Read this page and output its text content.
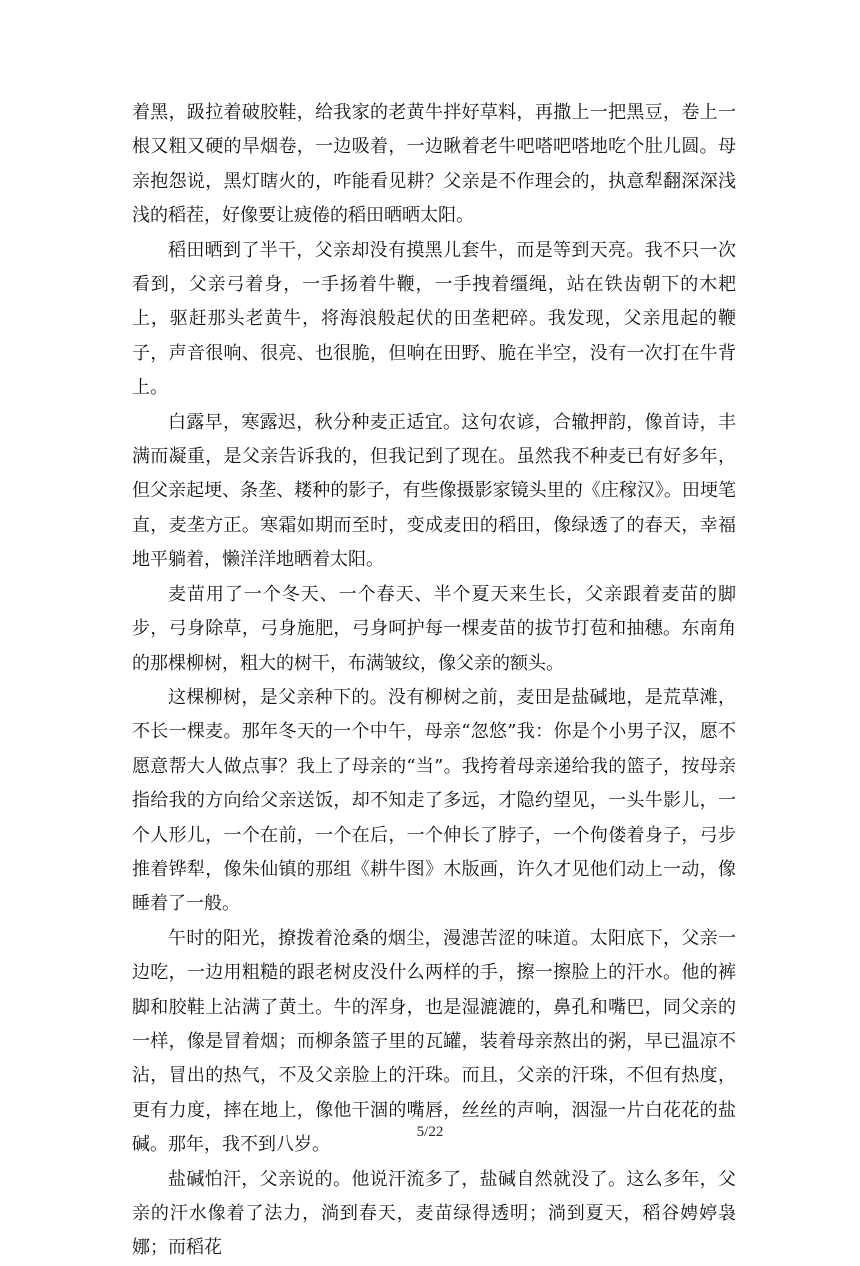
着黑，趿拉着破胶鞋，给我家的老黄牛拌好草料，再撒上一把黑豆，卷上一根又粗又硬的旱烟卷，一边吸着，一边瞅着老牛吧嗒吧嗒地吃个肚儿圆。母亲抱怨说，黑灯瞎火的，咋能看见耕？父亲是不作理会的，执意犁翻深深浅浅的稻茬，好像要让疲倦的稻田晒晒太阳。

稻田晒到了半干，父亲却没有摸黑儿套牛，而是等到天亮。我不只一次看到，父亲弓着身，一手扬着牛鞭，一手拽着缰绳，站在铁齿朝下的木耙上，驱赶那头老黄牛，将海浪般起伏的田垄耙碎。我发现，父亲甩起的鞭子，声音很响、很亮、也很脆，但响在田野、脆在半空，没有一次打在牛背上。

白露早，寒露迟，秋分种麦正适宜。这句农谚，合辙押韵，像首诗，丰满而凝重，是父亲告诉我的，但我记到了现在。虽然我不种麦已有好多年，但父亲起埂、条垄、耧种的影子，有些像摄影家镜头里的《庄稼汉》。田埂笔直，麦垄方正。寒霜如期而至时，变成麦田的稻田，像绿透了的春天，幸福地平躺着，懒洋洋地晒着太阳。

麦苗用了一个冬天、一个春天、半个夏天来生长，父亲跟着麦苗的脚步，弓身除草，弓身施肥，弓身呵护每一棵麦苗的拔节打苞和抽穗。东南角的那棵柳树，粗大的树干，布满皱纹，像父亲的额头。

这棵柳树，是父亲种下的。没有柳树之前，麦田是盐碱地，是荒草滩，不长一棵麦。那年冬天的一个中午，母亲“忽悠”我：你是个小男子汉，愿不愿意帮大人做点事？我上了母亲的“当”。我挎着母亲递给我的篮子，按母亲指给我的方向给父亲送饭，却不知走了多远，才隐约望见，一头牛影儿，一个人形儿，一个在前，一个在后，一个伸长了脖子，一个佝偻着身子，弓步推着铧犁，像朱仙镇的那组《耕牛图》木版画，许久才见他们动上一动，像睡着了一般。

午时的阳光，撩拨着沧桑的烟尘，漫漶苦涩的味道。太阳底下，父亲一边吃，一边用粗糙的跟老树皮没什么两样的手，擦一擦脸上的汗水。他的裤脚和胶鞋上沾满了黄土。牛的浑身，也是湿漉漉的，鼻孔和嘴巴，同父亲的一样，像是冒着烟；而柳条篮子里的瓦罐，装着母亲熬出的粥，早已温凉不沾，冒出的热气，不及父亲脸上的汗珠。而且，父亲的汗珠，不但有热度，更有力度，摔在地上，像他干涸的嘴唇，丝丝的声响，洇湿一片白花花的盐碱。那年，我不到八岁。

盐碱怕汗，父亲说的。他说汗流多了，盐碱自然就没了。这么多年，父亲的汗水像着了法力，淌到春天，麦苗绿得透明；淌到夏天，稻谷娉婷袅娜；而稻花

5/22
